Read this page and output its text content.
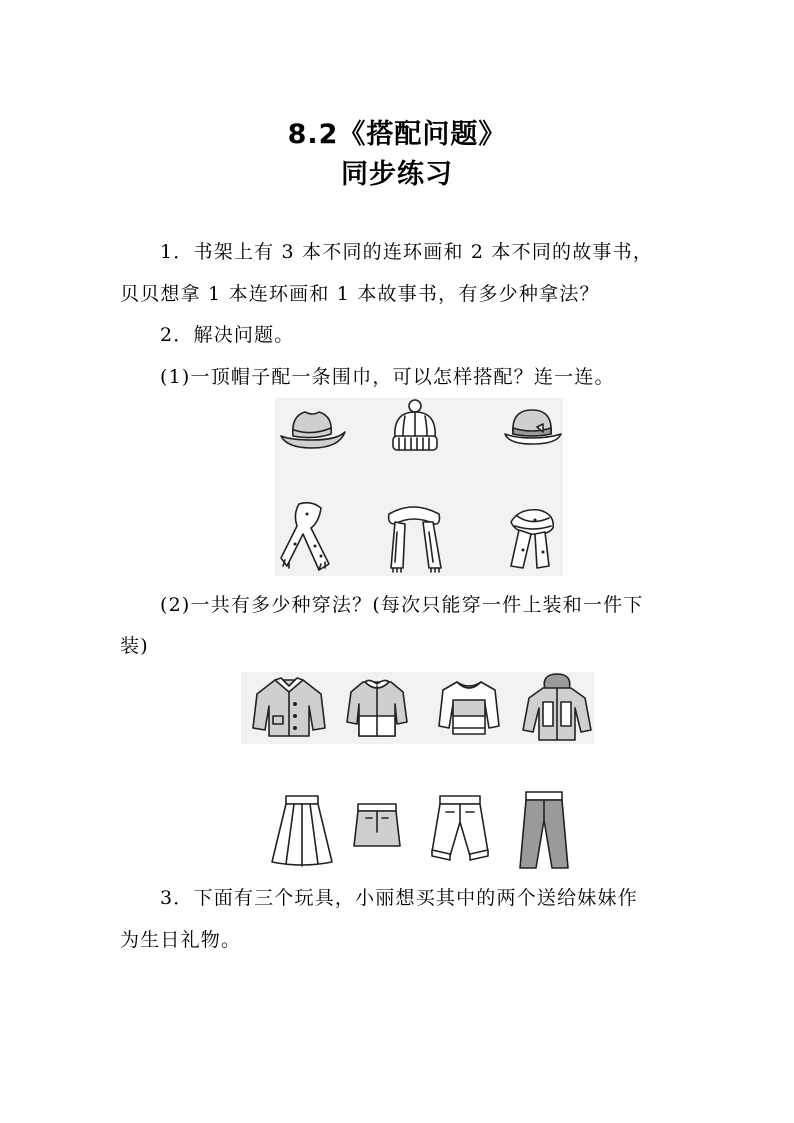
8.2《搭配问题》
同步练习
1．书架上有 3 本不同的连环画和 2 本不同的故事书，
贝贝想拿 1 本连环画和 1 本故事书，有多少种拿法？
2．解决问题。
(1)一顶帽子配一条围巾，可以怎样搭配？连一连。
(2)一共有多少种穿法？(每次只能穿一件上装和一件下
装)
3．下面有三个玩具，小丽想买其中的两个送给妹妹作
为生日礼物。
